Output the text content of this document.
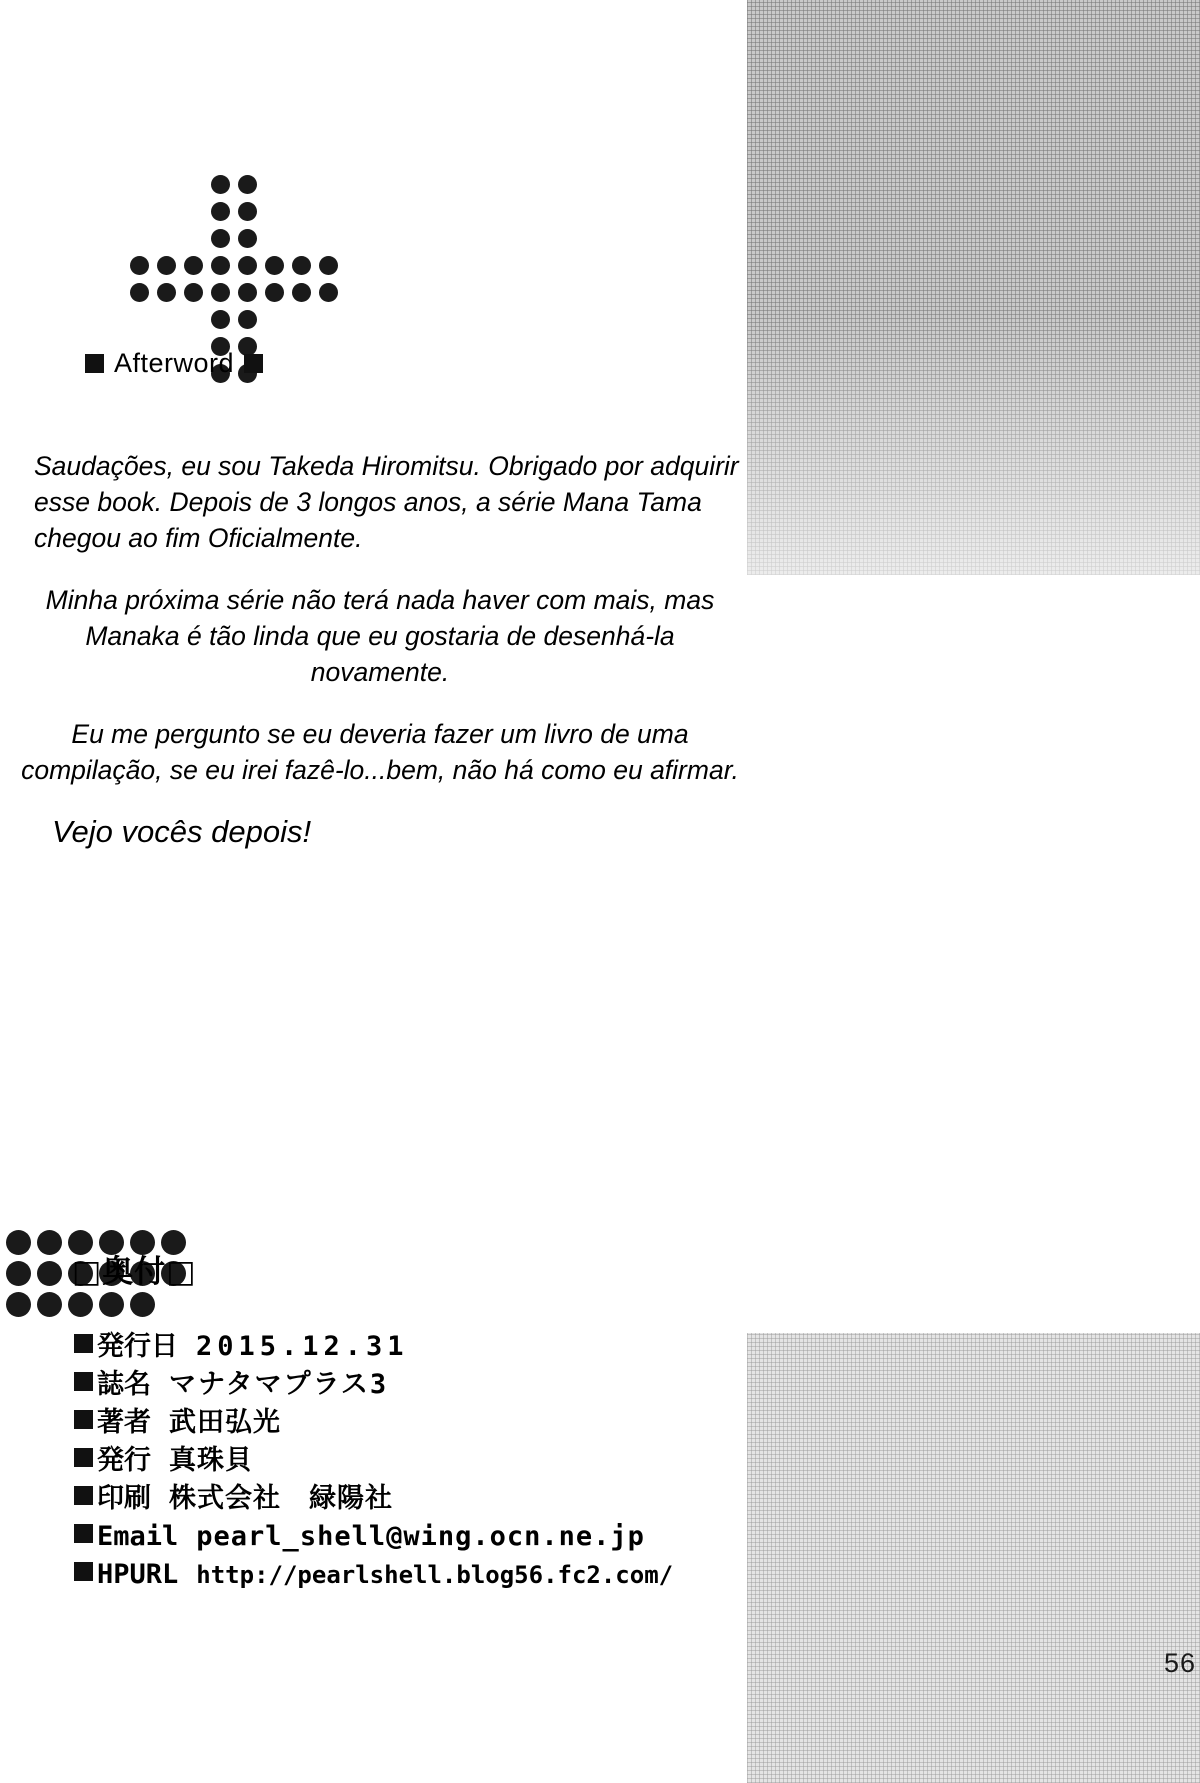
Afterword

Saudações, eu sou Takeda Hiromitsu. Obrigado por adquirir esse book. Depois de 3 longos anos, a série Mana Tama chegou ao fim Oficialmente.

Minha próxima série não terá nada haver com mais, mas Manaka é tão linda que eu gostaria de desenhá-la novamente.

Eu me pergunto se eu deveria fazer um livro de uma compilação, se eu irei fazê-lo...bem, não há como eu afirmar.

Vejo vocês depois!

□奥付□
発行日 2015.12.31
誌名 マナタマプラス3
著者 武田弘光
発行 真珠貝
印刷 株式会社　緑陽社
Email pearl_shell@wing.ocn.ne.jp
HPURL http://pearlshell.blog56.fc2.com/
56
